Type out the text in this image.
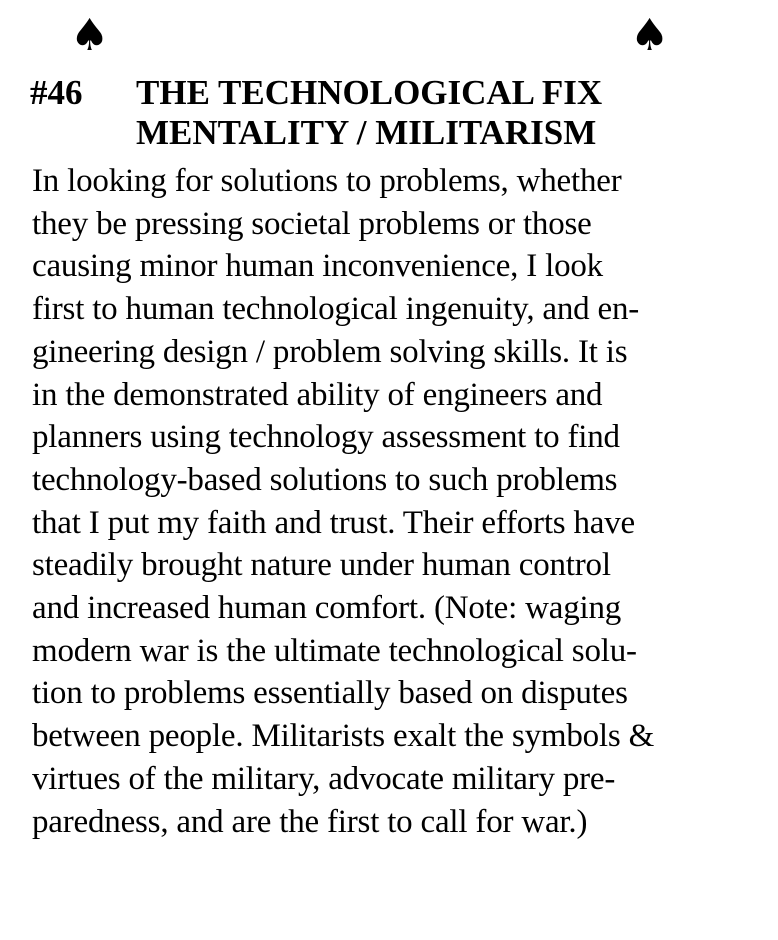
♠	♠
#46 THE TECHNOLOGICAL FIX
MENTALITY / MILITARISM
In looking for solutions to problems, whether
they be pressing societal problems or those
causing minor human inconvenience, I look
first to human technological ingenuity, and en-
gineering design / problem solving skills. It is
in the demonstrated ability of engineers and
planners using technology assessment to find
technology-based solutions to such problems
that I put my faith and trust. Their efforts have
steadily brought nature under human control
and increased human comfort. (Note: waging
modern war is the ultimate technological solu-
tion to problems essentially based on disputes
between people. Militarists exalt the symbols &
virtues of the military, advocate military pre-
paredness, and are the first to call for war.)
